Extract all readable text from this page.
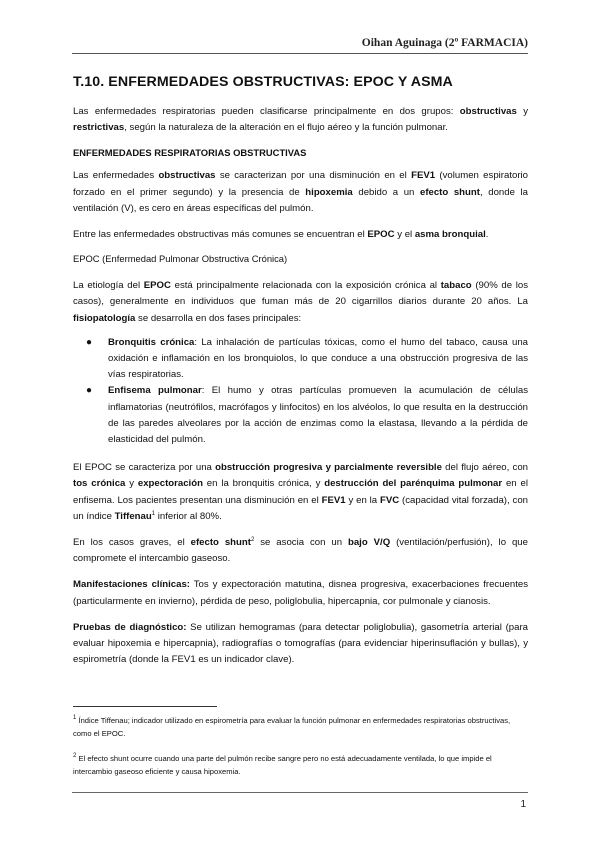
Oihan Aguinaga (2º FARMACIA)
T.10. ENFERMEDADES OBSTRUCTIVAS: EPOC Y ASMA

Las enfermedades respiratorias pueden clasificarse principalmente en dos grupos: obstructivas y restrictivas, según la naturaleza de la alteración en el flujo aéreo y la función pulmonar.

ENFERMEDADES RESPIRATORIAS OBSTRUCTIVAS

Las enfermedades obstructivas se caracterizan por una disminución en el FEV1 (volumen espiratorio forzado en el primer segundo) y la presencia de hipoxemia debido a un efecto shunt, donde la ventilación (V), es cero en áreas específicas del pulmón.

Entre las enfermedades obstructivas más comunes se encuentran el EPOC y el asma bronquial.

EPOC (Enfermedad Pulmonar Obstructiva Crónica)

La etiología del EPOC está principalmente relacionada con la exposición crónica al tabaco (90% de los casos), generalmente en individuos que fuman más de 20 cigarrillos diarios durante 20 años. La fisiopatología se desarrolla en dos fases principales:

● Bronquitis crónica: La inhalación de partículas tóxicas, como el humo del tabaco, causa una oxidación e inflamación en los bronquiolos, lo que conduce a una obstrucción progresiva de las vías respiratorias.
● Enfisema pulmonar: El humo y otras partículas promueven la acumulación de células inflamatorias (neutrófilos, macrófagos y linfocitos) en los alvéolos, lo que resulta en la destrucción de las paredes alveolares por la acción de enzimas como la elastasa, llevando a la pérdida de elasticidad del pulmón.

El EPOC se caracteriza por una obstrucción progresiva y parcialmente reversible del flujo aéreo, con tos crónica y expectoración en la bronquitis crónica, y destrucción del parénquima pulmonar en el enfisema. Los pacientes presentan una disminución en el FEV1 y en la FVC (capacidad vital forzada), con un índice Tiffenau$^1$ inferior al 80%.

En los casos graves, el efecto shunt$^2$ se asocia con un bajo V/Q (ventilación/perfusión), lo que compromete el intercambio gaseoso.

Manifestaciones clínicas: Tos y expectoración matutina, disnea progresiva, exacerbaciones frecuentes (particularmente en invierno), pérdida de peso, poliglobulia, hipercapnia, cor pulmonale y cianosis.

Pruebas de diagnóstico: Se utilizan hemogramas (para detectar poliglobulia), gasometría arterial (para evaluar hipoxemia e hipercapnia), radiografías o tomografías (para evidenciar hiperinsuflación y bullas), y espirometría (donde la FEV1 es un indicador clave).

$^1$ Índice Tiffenau; indicador utilizado en espirometría para evaluar la función pulmonar en enfermedades respiratorias obstructivas, como el EPOC.

$^2$ El efecto shunt ocurre cuando una parte del pulmón recibe sangre pero no está adecuadamente ventilada, lo que impide el intercambio gaseoso eficiente y causa hipoxemia.

1
